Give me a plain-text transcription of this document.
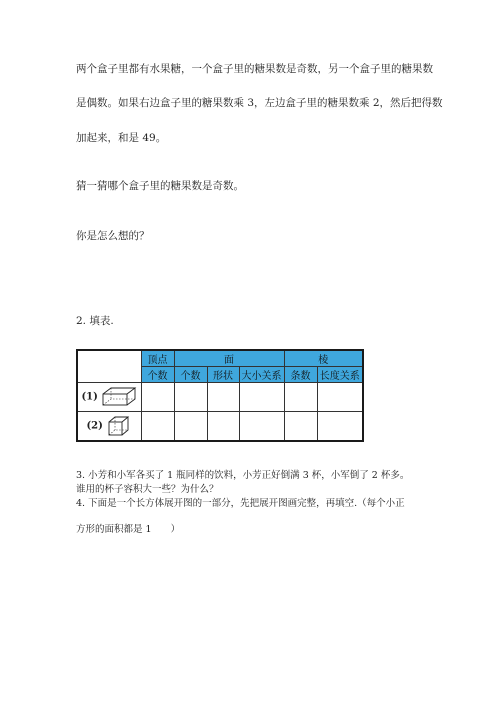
两个盒子里都有水果糖，一个盒子里的糖果数是奇数，另一个盒子里的糖果数
是偶数。如果右边盒子里的糖果数乘 3，左边盒子里的糖果数乘 2，然后把得数
加起来，和是 49。
猜一猜哪个盒子里的糖果数是奇数。
你是怎么想的？
2. 填表.
	顶点	面			棱	
	个数	个数	形状	大小关系	条数	长度关系
(1)						
(2)						
3. 小芳和小军各买了 1 瓶同样的饮料，小芳正好倒满 3 杯，小军倒了 2 杯多。
谁用的杯子容积大一些？为什么？
4. 下面是一个长方体展开图的一部分，先把展开图画完整，再填空.（每个小正
方形的面积都是 1　　）
